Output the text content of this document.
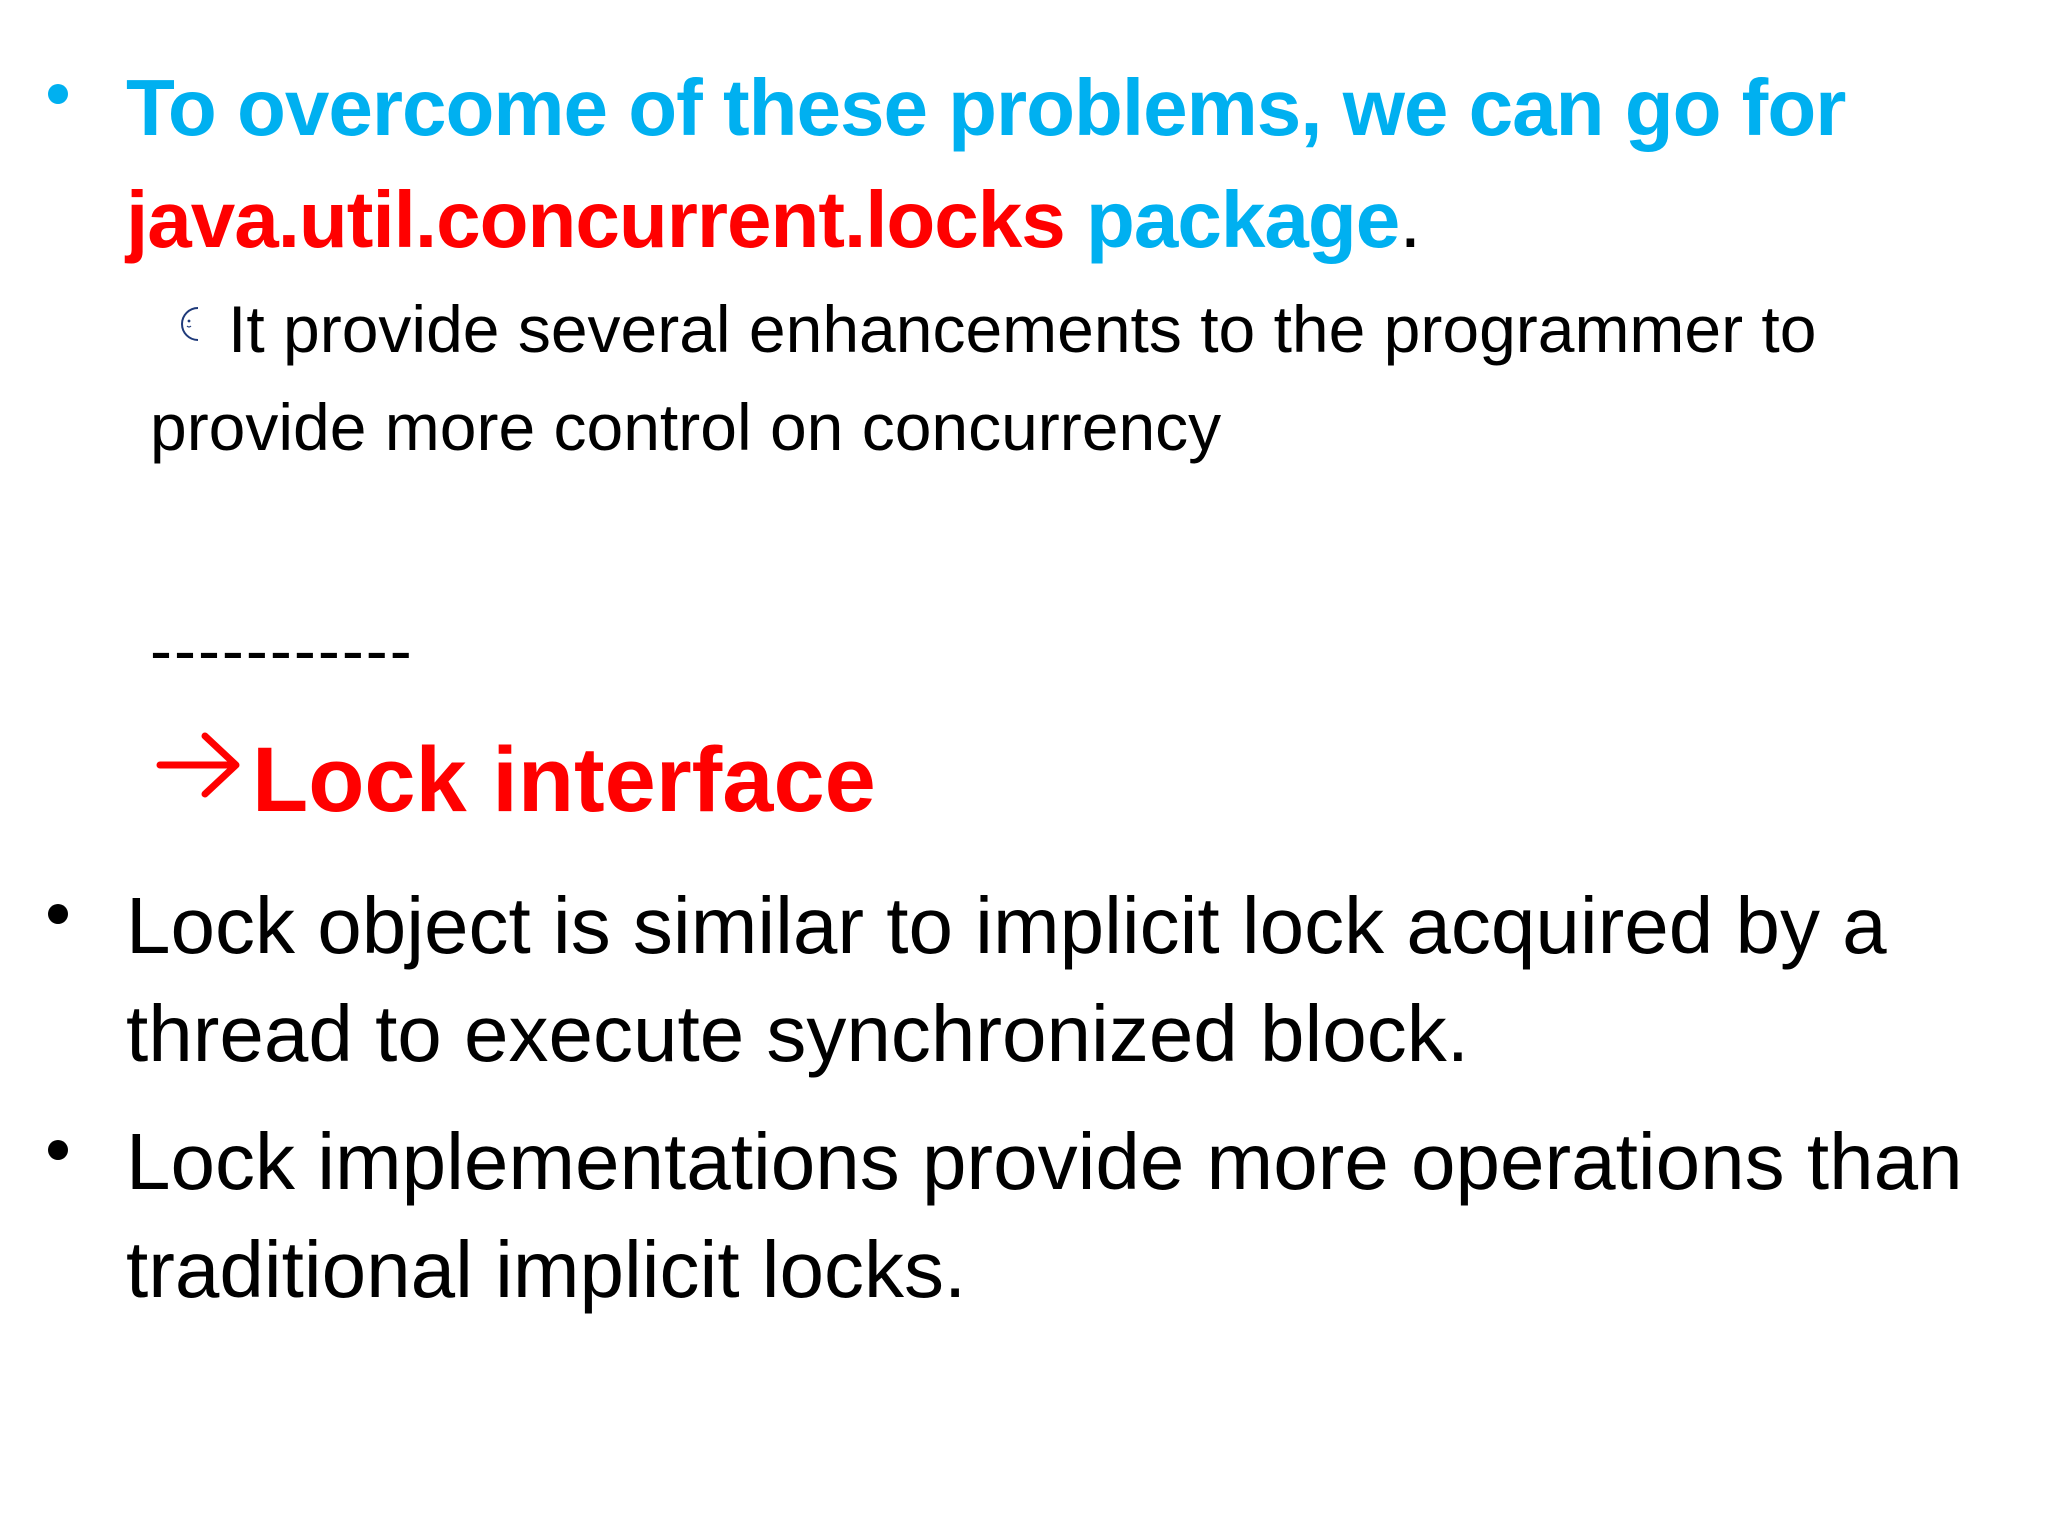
To overcome of these problems, we can go for java.util.concurrent.locks package.
It provide several enhancements to the programmer to provide more control on concurrency
-----------
Lock interface
Lock object is similar to implicit lock acquired by a thread to execute synchronized block.
Lock implementations provide more operations than traditional implicit locks.
